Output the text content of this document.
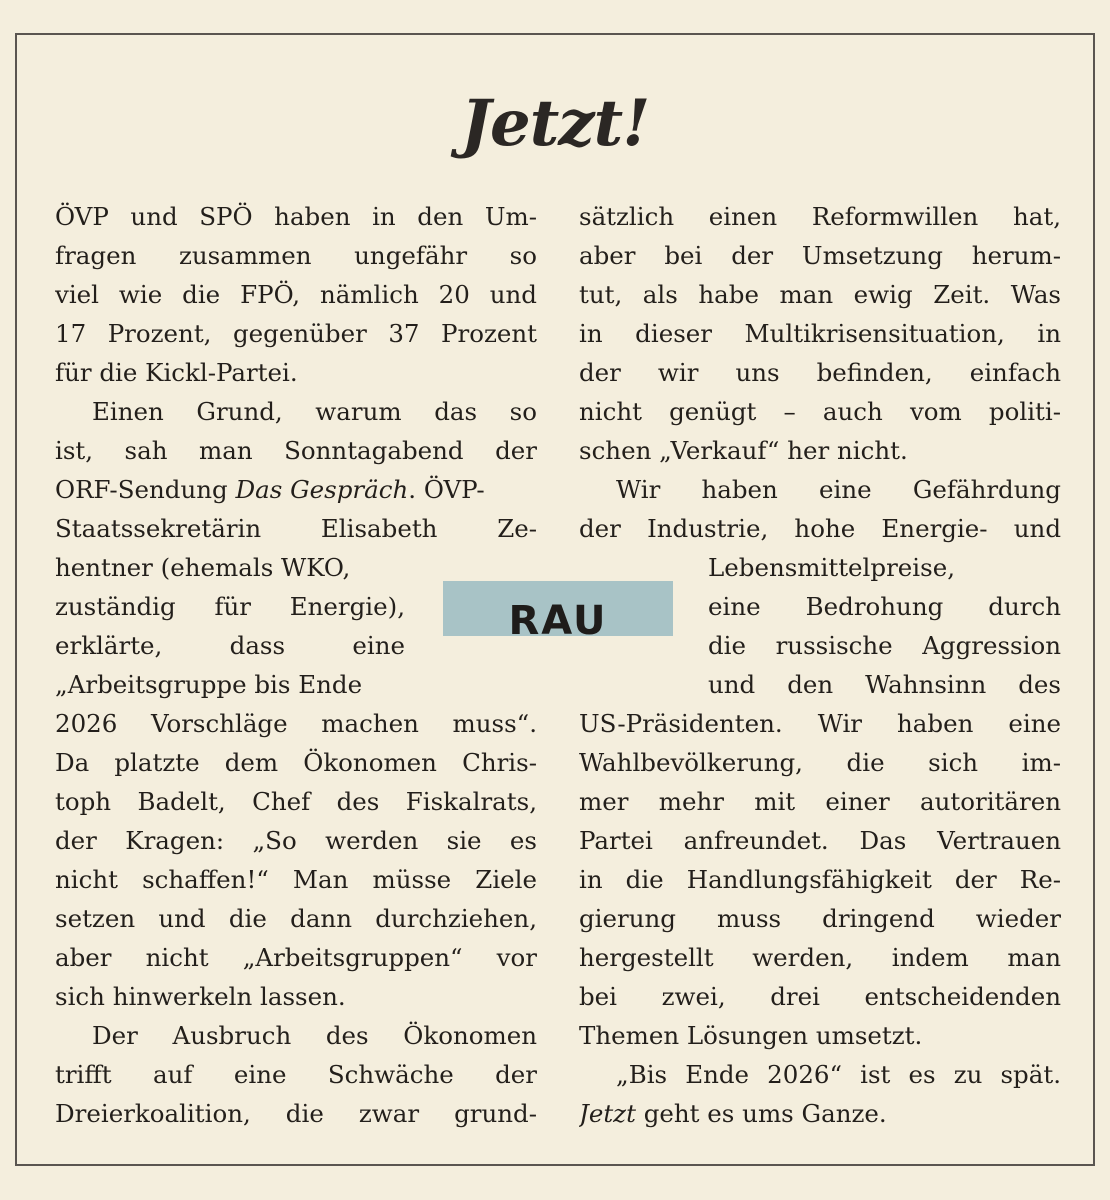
Jetzt!
RAU
ÖVP und SPÖ haben in den Um-
fragen zusammen ungefähr so
viel wie die FPÖ, nämlich 20 und
17 Prozent, gegenüber 37 Prozent
für die Kickl-Partei.
Einen Grund, warum das so
ist, sah man Sonntagabend der
ORF-Sendung Das Gespräch. ÖVP-
Staatssekretärin Elisabeth Ze-
hentner (ehemals WKO,
zuständig für Energie),
erklärte, dass eine
„Arbeitsgruppe bis Ende
2026 Vorschläge machen muss“.
Da platzte dem Ökonomen Chris-
toph Badelt, Chef des Fiskalrats,
der Kragen: „So werden sie es
nicht schaffen!“ Man müsse Ziele
setzen und die dann durchziehen,
aber nicht „Arbeitsgruppen“ vor
sich hinwerkeln lassen.
Der Ausbruch des Ökonomen
trifft auf eine Schwäche der
Dreierkoalition, die zwar grund-
sätzlich einen Reformwillen hat,
aber bei der Umsetzung herum-
tut, als habe man ewig Zeit. Was
in dieser Multikrisensituation, in
der wir uns befinden, einfach
nicht genügt – auch vom politi-
schen „Verkauf“ her nicht.
Wir haben eine Gefährdung
der Industrie, hohe Energie- und
Lebensmittelpreise,
eine Bedrohung durch
die russische Aggression
und den Wahnsinn des
US-Präsidenten. Wir haben eine
Wahlbevölkerung, die sich im-
mer mehr mit einer autoritären
Partei anfreundet. Das Vertrauen
in die Handlungsfähigkeit der Re-
gierung muss dringend wieder
hergestellt werden, indem man
bei zwei, drei entscheidenden
Themen Lösungen umsetzt.
„Bis Ende 2026“ ist es zu spät.
Jetzt geht es ums Ganze.
